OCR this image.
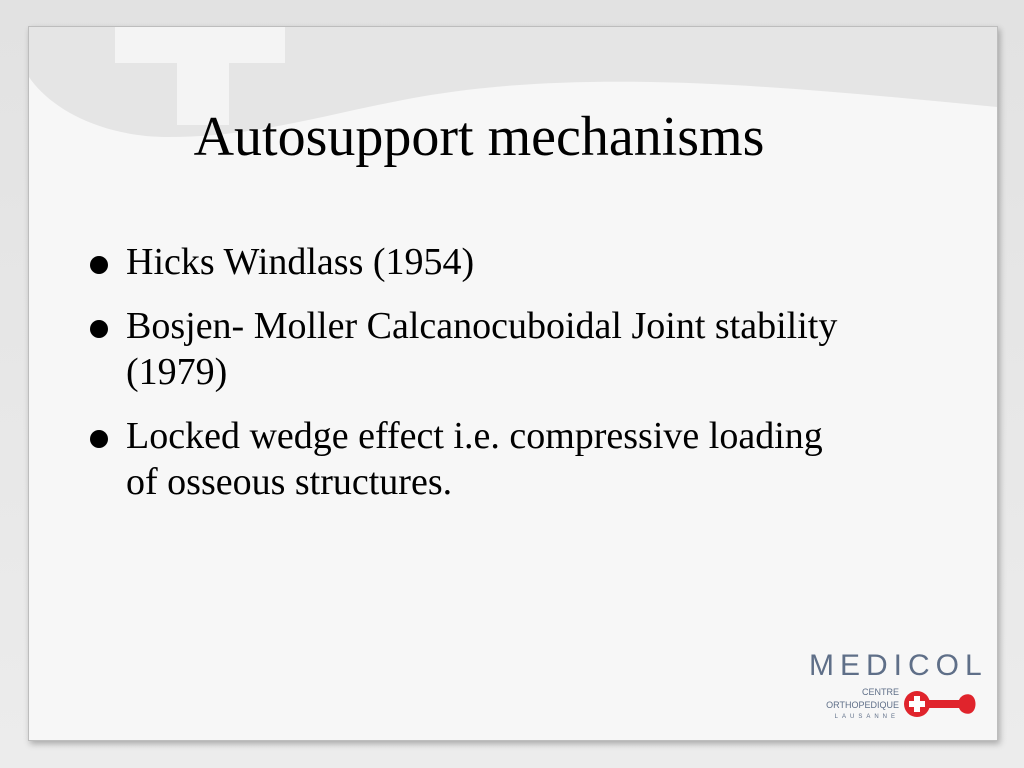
Autosupport mechanisms
Hicks Windlass (1954)
Bosjen- Moller Calcanocuboidal Joint stability (1979)
Locked wedge effect i.e. compressive loading of osseous structures.
MEDICOL
CENTRE
ORTHOPEDIQUE
LAUSANNE
